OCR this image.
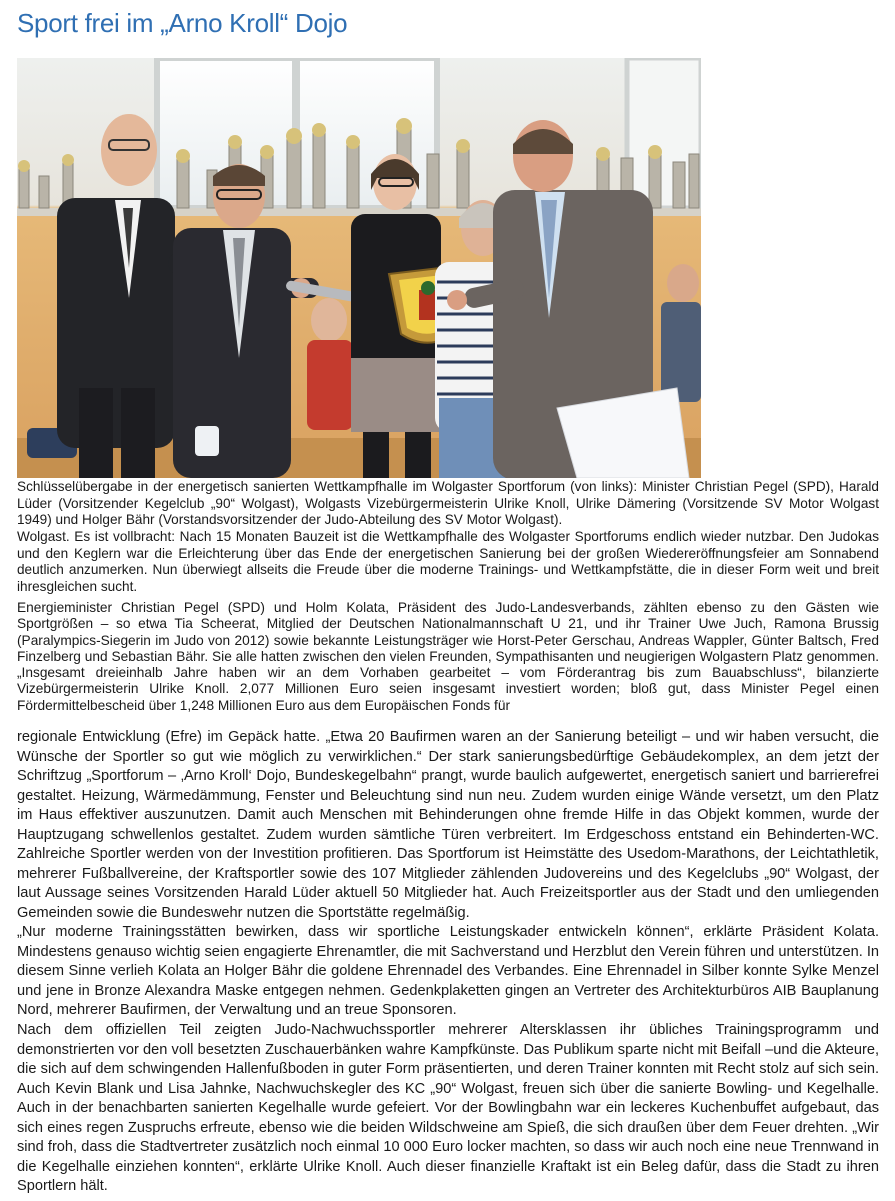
Sport frei im „Arno Kroll“ Dojo

Schlüsselübergabe in der energetisch sanierten Wettkampfhalle im Wolgaster Sportforum (von links): Minister Christian Pegel (SPD), Harald Lüder (Vorsitzender Kegelclub „90“ Wolgast), Wolgasts Vizebürgermeisterin Ulrike Knoll, Ulrike Dämering (Vorsitzende SV Motor Wolgast 1949) und Holger Bähr (Vorstandsvorsitzender der Judo-Abteilung des SV Motor Wolgast).

Wolgast. Es ist vollbracht: Nach 15 Monaten Bauzeit ist die Wettkampfhalle des Wolgaster Sportforums endlich wieder nutzbar. Den Judokas und den Keglern war die Erleichterung über das Ende der energetischen Sanierung bei der großen Wiedereröffnungsfeier am Sonnabend deutlich anzumerken. Nun überwiegt allseits die Freude über die moderne Trainings- und Wettkampfstätte, die in dieser Form weit und breit ihresgleichen sucht.

Energieminister Christian Pegel (SPD) und Holm Kolata, Präsident des Judo-Landesverbands, zählten ebenso zu den Gästen wie Sportgrößen – so etwa Tia Scheerat, Mitglied der Deutschen Nationalmannschaft U 21, und ihr Trainer Uwe Juch, Ramona Brussig (Paralympics-Siegerin im Judo von 2012) sowie bekannte Leistungsträger wie Horst-Peter Gerschau, Andreas Wappler, Günter Baltsch, Fred Finzelberg und Sebastian Bähr. Sie alle hatten zwischen den vielen Freunden, Sympathisanten und neugierigen Wolgastern Platz genommen. „Insgesamt dreieinhalb Jahre haben wir an dem Vorhaben gearbeitet – vom Förderantrag bis zum Bauabschluss“, bilanzierte Vizebürgermeisterin Ulrike Knoll. 2,077 Millionen Euro seien insgesamt investiert worden; bloß gut, dass Minister Pegel einen Fördermittelbescheid über 1,248 Millionen Euro aus dem Europäischen Fonds für

regionale Entwicklung (Efre) im Gepäck hatte. „Etwa 20 Baufirmen waren an der Sanierung beteiligt – und wir haben versucht, die Wünsche der Sportler so gut wie möglich zu verwirklichen.“ Der stark sanierungsbedürftige Gebäudekomplex, an dem jetzt der Schriftzug „Sportforum – ‚Arno Kroll‘ Dojo, Bundeskegelbahn“ prangt, wurde baulich aufgewertet, energetisch saniert und barrierefrei gestaltet. Heizung, Wärmedämmung, Fenster und Beleuchtung sind nun neu. Zudem wurden einige Wände versetzt, um den Platz im Haus effektiver auszunutzen. Damit auch Menschen mit Behinderungen ohne fremde Hilfe in das Objekt kommen, wurde der Hauptzugang schwellenlos gestaltet. Zudem wurden sämtliche Türen verbreitert. Im Erdgeschoss entstand ein Behinderten-WC. Zahlreiche Sportler werden von der Investition profitieren. Das Sportforum ist Heimstätte des Usedom-Marathons, der Leichtathletik, mehrerer Fußballvereine, der Kraftsportler sowie des 107 Mitglieder zählenden Judovereins und des Kegelclubs „90“ Wolgast, der laut Aussage seines Vorsitzenden Harald Lüder aktuell 50 Mitglieder hat. Auch Freizeitsportler aus der Stadt und den umliegenden Gemeinden sowie die Bundeswehr nutzen die Sportstätte regelmäßig.

„Nur moderne Trainingsstätten bewirken, dass wir sportliche Leistungskader entwickeln können“, erklärte Präsident Kolata. Mindestens genauso wichtig seien engagierte Ehrenamtler, die mit Sachverstand und Herzblut den Verein führen und unterstützen. In diesem Sinne verlieh Kolata an Holger Bähr die goldene Ehrennadel des Verbandes. Eine Ehrennadel in Silber konnte Sylke Menzel und jene in Bronze Alexandra Maske entgegen nehmen. Gedenkplaketten gingen an Vertreter des Architekturbüros AIB Bauplanung Nord, mehrerer Baufirmen, der Verwaltung und an treue Sponsoren.

Nach dem offiziellen Teil zeigten Judo-Nachwuchssportler mehrerer Altersklassen ihr übliches Trainingsprogramm und demonstrierten vor den voll besetzten Zuschauerbänken wahre Kampfkünste. Das Publikum sparte nicht mit Beifall –und die Akteure, die sich auf dem schwingenden Hallenfußboden in guter Form präsentierten, und deren Trainer konnten mit Recht stolz auf sich sein. Auch Kevin Blank und Lisa Jahnke, Nachwuchskegler des KC „90“ Wolgast, freuen sich über die sanierte Bowling- und Kegelhalle. Auch in der benachbarten sanierten Kegelhalle wurde gefeiert. Vor der Bowlingbahn war ein leckeres Kuchenbuffet aufgebaut, das sich eines regen Zuspruchs erfreute, ebenso wie die beiden Wildschweine am Spieß, die sich draußen über dem Feuer drehten. „Wir sind froh, dass die Stadtvertreter zusätzlich noch einmal 10 000 Euro locker machten, so dass wir auch noch eine neue Trennwand in die Kegelhalle einziehen konnten“, erklärte Ulrike Knoll. Auch dieser finanzielle Kraftakt ist ein Beleg dafür, dass die Stadt zu ihren Sportlern hält.
